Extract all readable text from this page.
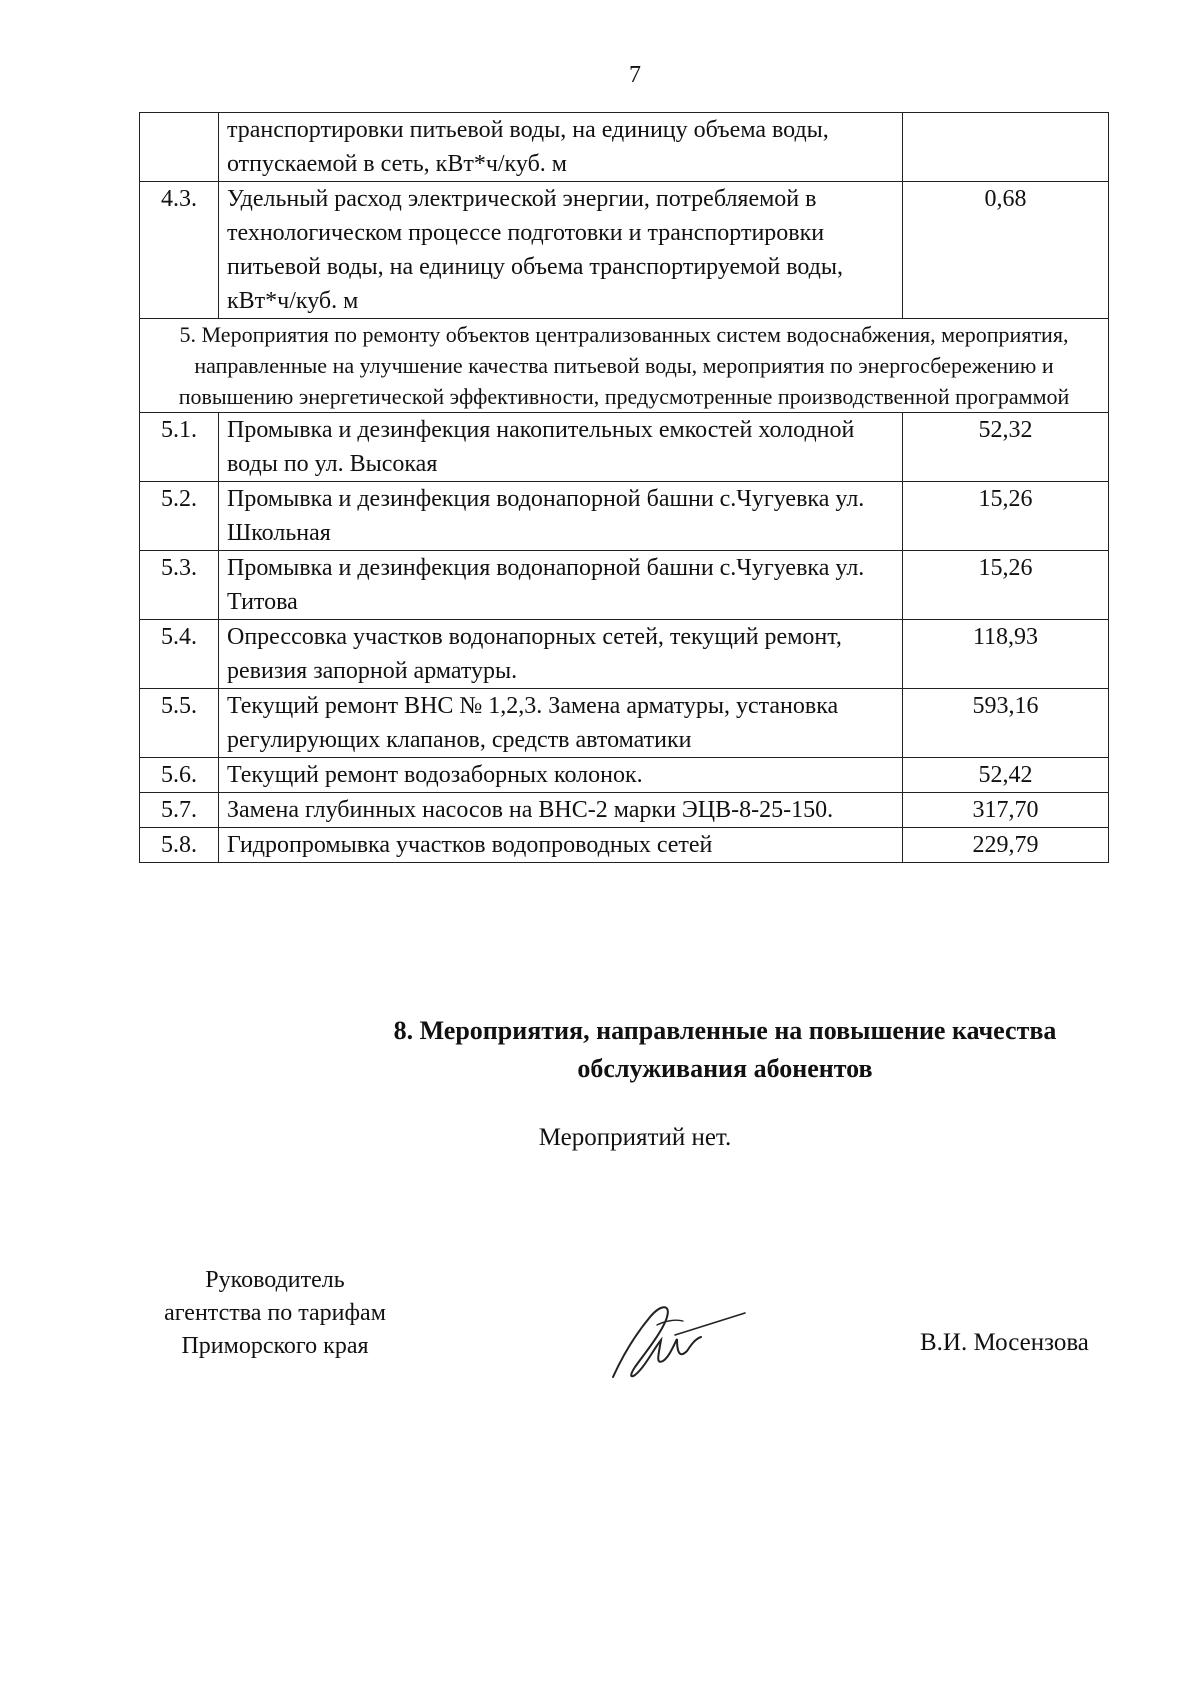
7
	транспортировки питьевой воды, на единицу объема воды, отпускаемой в сеть, кВт*ч/куб. м	
4.3.	Удельный расход электрической энергии, потребляемой в технологическом процессе подготовки и транспортировки питьевой воды, на единицу объема транспортируемой воды, кВт*ч/куб. м	0,68
5. Мероприятия по ремонту объектов централизованных систем водоснабжения, мероприятия, направленные на улучшение качества питьевой воды, мероприятия по энергосбережению и повышению энергетической эффективности, предусмотренные производственной программой		
5.1.	Промывка и дезинфекция накопительных емкостей холодной воды по ул. Высокая	52,32
5.2.	Промывка и дезинфекция водонапорной башни с.Чугуевка ул. Школьная	15,26
5.3.	Промывка и дезинфекция водонапорной башни с.Чугуевка ул. Титова	15,26
5.4.	Опрессовка участков водонапорных сетей, текущий ремонт, ревизия запорной арматуры.	118,93
5.5.	Текущий ремонт ВНС № 1,2,3. Замена арматуры, установка регулирующих клапанов, средств автоматики	593,16
5.6.	Текущий ремонт водозаборных колонок.	52,42
5.7.	Замена глубинных насосов на ВНС-2 марки ЭЦВ-8-25-150.	317,70
5.8.	Гидропромывка участков водопроводных сетей	229,79
8. Мероприятия, направленные на повышение качества
обслуживания абонентов
Мероприятий нет.
Руководитель
агентства по тарифам
Приморского края	В.И. Мосензова
